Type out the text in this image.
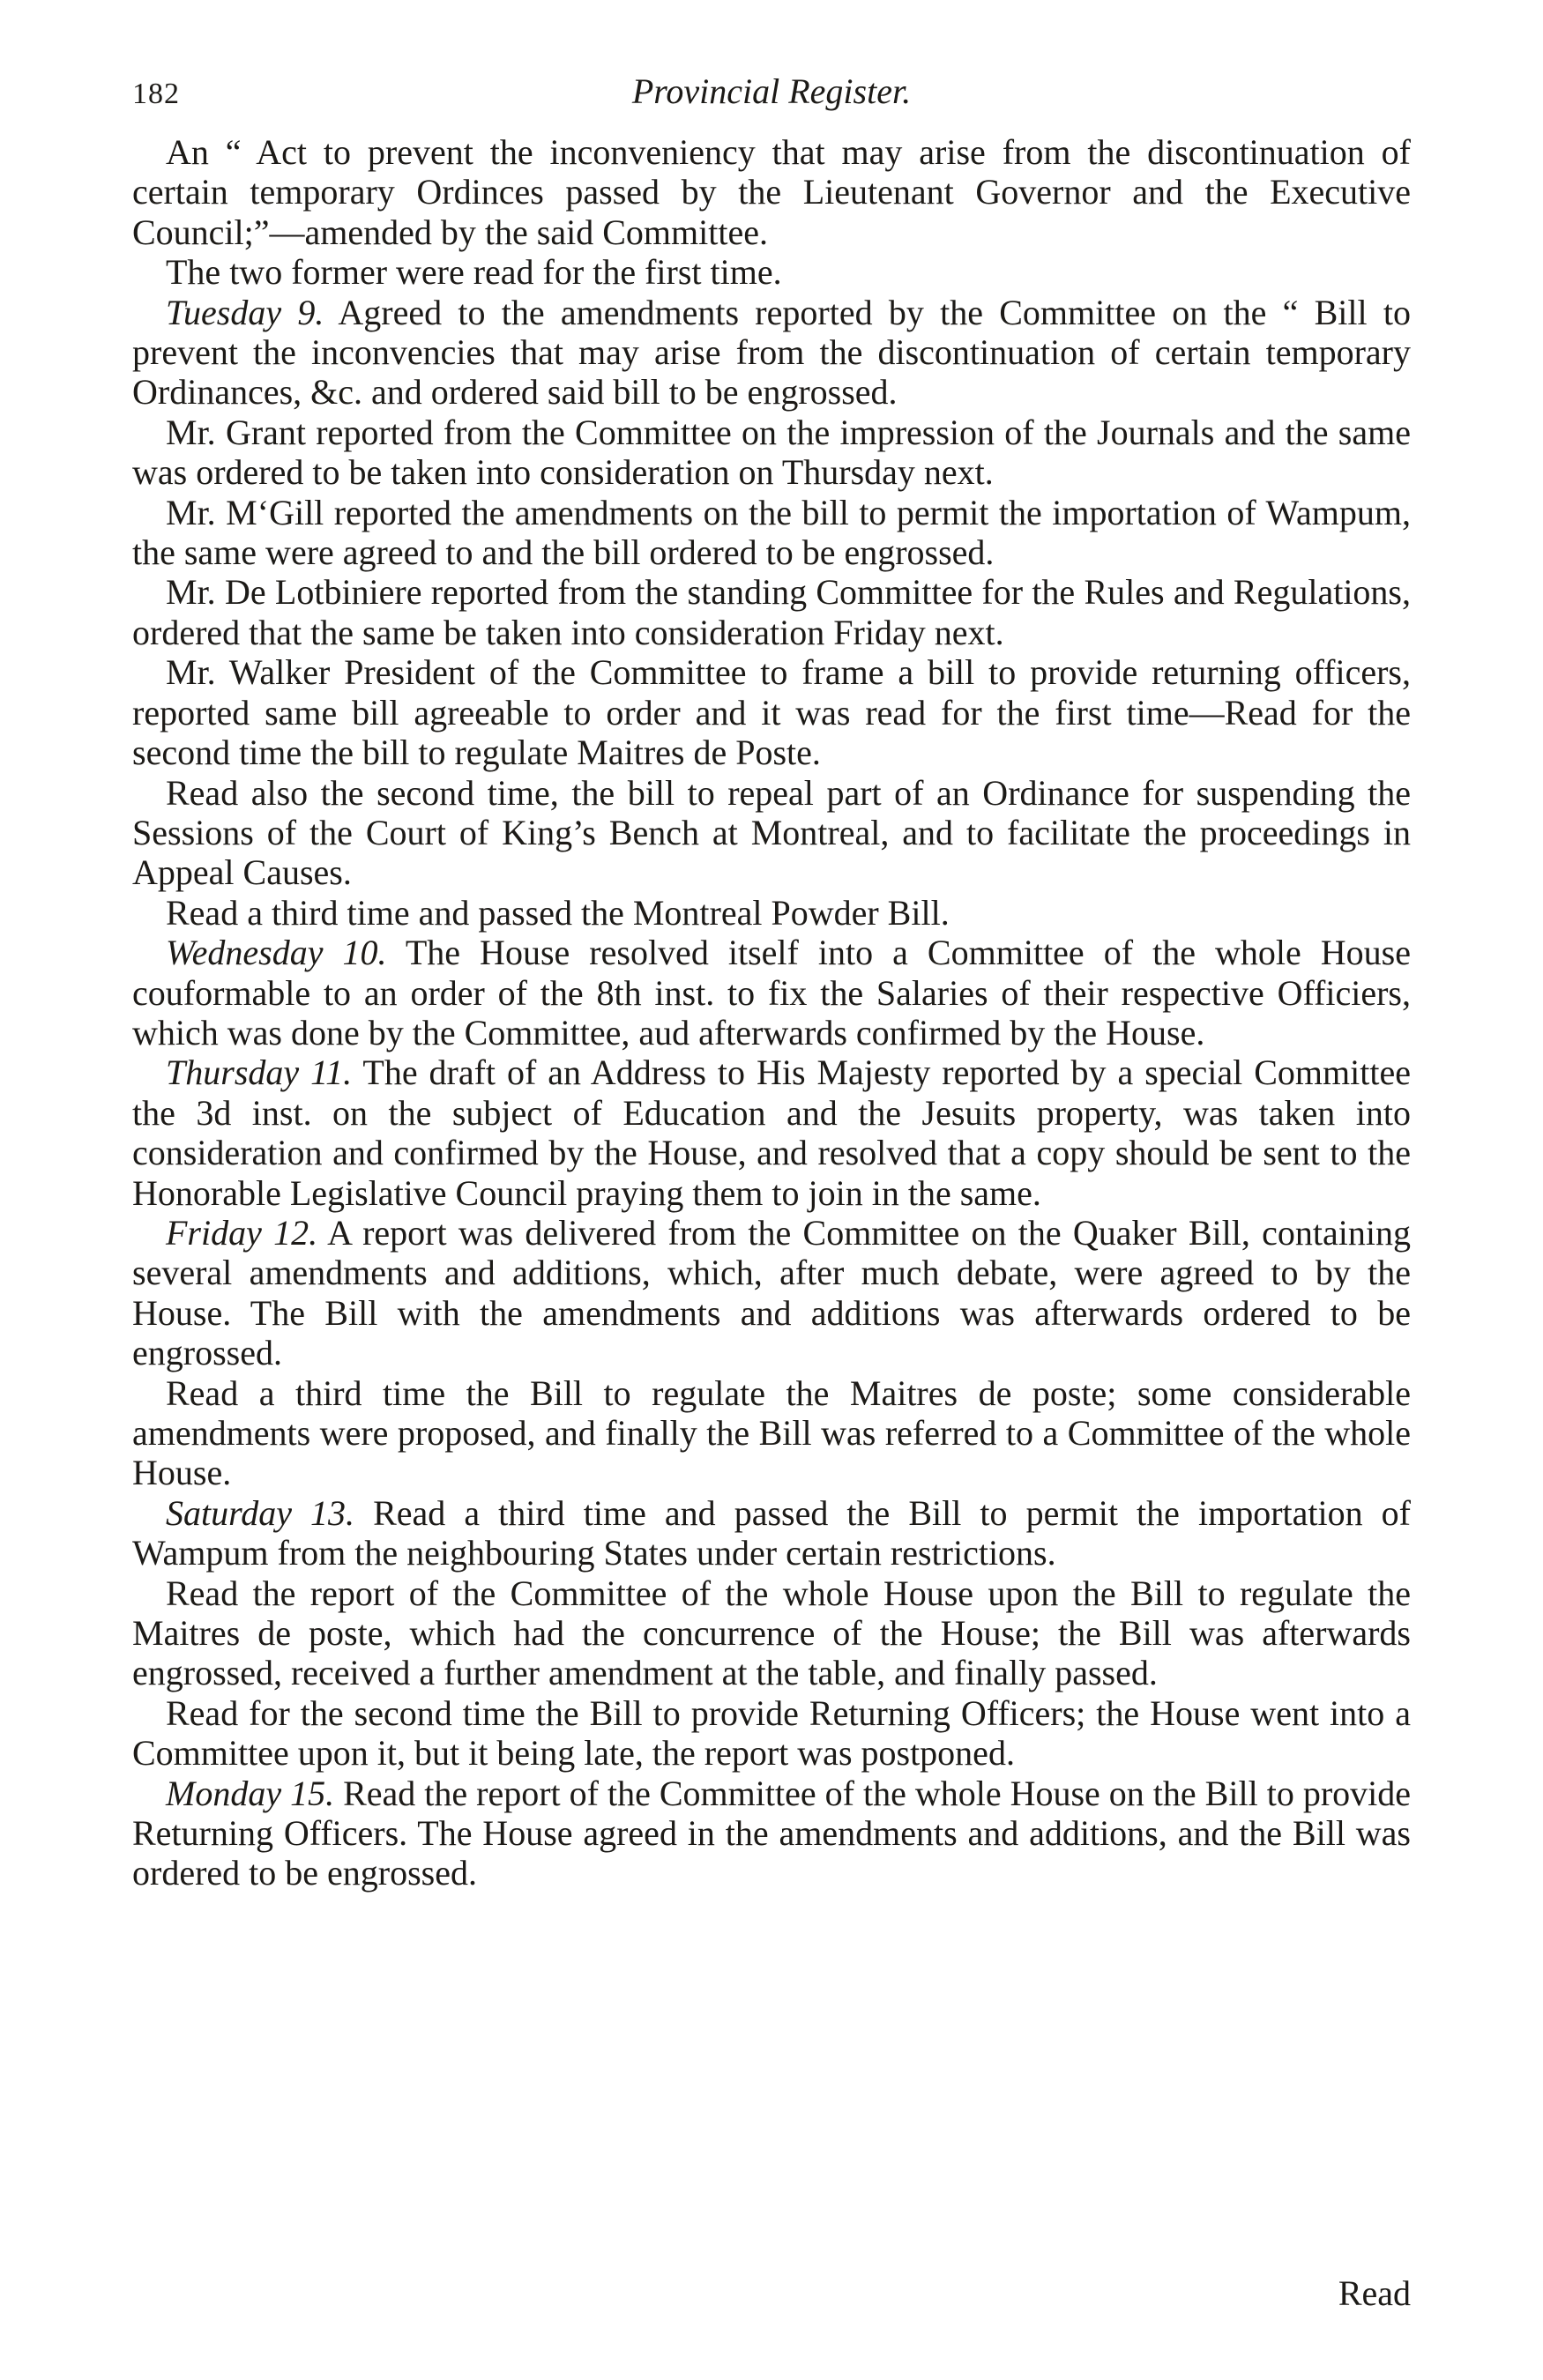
182	Provincial Register.

An “ Act to prevent the inconveniency that may arise from the discontinuation of certain temporary Ordinces passed by the Lieutenant Governor and the Executive Council;”—amended by the said Committee.

The two former were read for the first time.

Tuesday 9. Agreed to the amendments reported by the Committee on the “ Bill to prevent the inconvencies that may arise from the discontinuation of certain temporary Ordinances, &c. and ordered said bill to be engrossed.

Mr. Grant reported from the Committee on the impression of the Journals and the same was ordered to be taken into consideration on Thursday next.

Mr. M‘Gill reported the amendments on the bill to permit the importation of Wampum, the same were agreed to and the bill ordered to be engrossed.

Mr. De Lotbiniere reported from the standing Committee for the Rules and Regulations, ordered that the same be taken into consideration Friday next.

Mr. Walker President of the Committee to frame a bill to provide returning officers, reported same bill agreeable to order and it was read for the first time—Read for the second time the bill to regulate Maitres de Poste.

Read also the second time, the bill to repeal part of an Ordinance for suspending the Sessions of the Court of King’s Bench at Montreal, and to facilitate the proceedings in Appeal Causes.

Read a third time and passed the Montreal Powder Bill.

Wednesday 10. The House resolved itself into a Committee of the whole House couformable to an order of the 8th inst. to fix the Salaries of their respective Officiers, which was done by the Committee, aud afterwards confirmed by the House.

Thursday 11. The draft of an Address to His Majesty reported by a special Committee the 3d inst. on the subject of Education and the Jesuits property, was taken into consideration and confirmed by the House, and resolved that a copy should be sent to the Honorable Legislative Council praying them to join in the same.

Friday 12. A report was delivered from the Committee on the Quaker Bill, containing several amendments and additions, which, after much debate, were agreed to by the House. The Bill with the amendments and additions was afterwards ordered to be engrossed.

Read a third time the Bill to regulate the Maitres de poste; some considerable amendments were proposed, and finally the Bill was referred to a Committee of the whole House.

Saturday 13. Read a third time and passed the Bill to permit the importation of Wampum from the neighbouring States under certain restrictions.

Read the report of the Committee of the whole House upon the Bill to regulate the Maitres de poste, which had the concurrence of the House; the Bill was afterwards engrossed, received a further amendment at the table, and finally passed.

Read for the second time the Bill to provide Returning Officers; the House went into a Committee upon it, but it being late, the report was postponed.

Monday 15. Read the report of the Committee of the whole House on the Bill to provide Returning Officers. The House agreed in the amendments and additions, and the Bill was ordered to be engrossed.

Read
